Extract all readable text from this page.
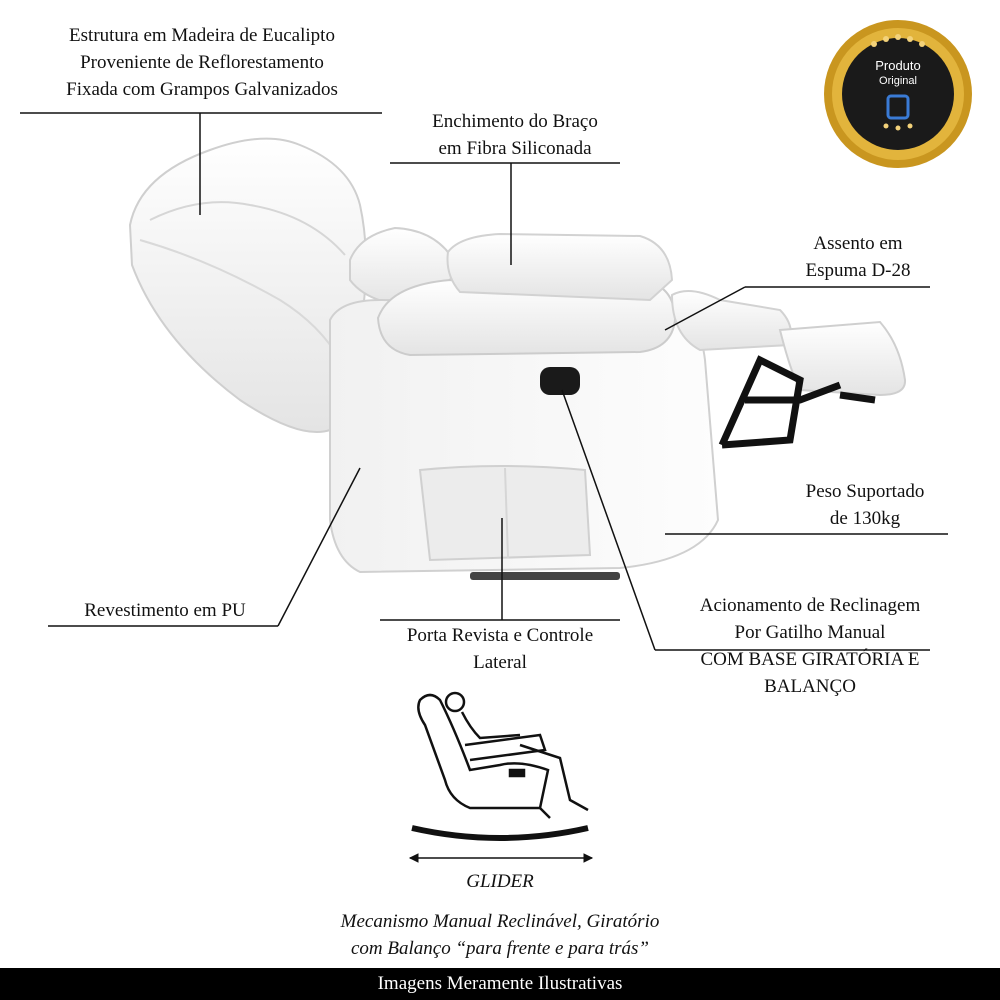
Produto
Original
Estrutura em Madeira de Eucalipto
Proveniente de Reflorestamento
Fixada com Grampos Galvanizados
Enchimento do Braço
em Fibra Siliconada
Assento em
Espuma D-28
Peso Suportado
de 130kg
Revestimento em PU
Porta Revista e Controle
Lateral
Acionamento de Reclinagem
Por Gatilho Manual
COM BASE GIRATÓRIA E
BALANÇO
GLIDER
Mecanismo Manual Reclinável, Giratório
com Balanço “para frente e para trás”
Imagens Meramente Ilustrativas
